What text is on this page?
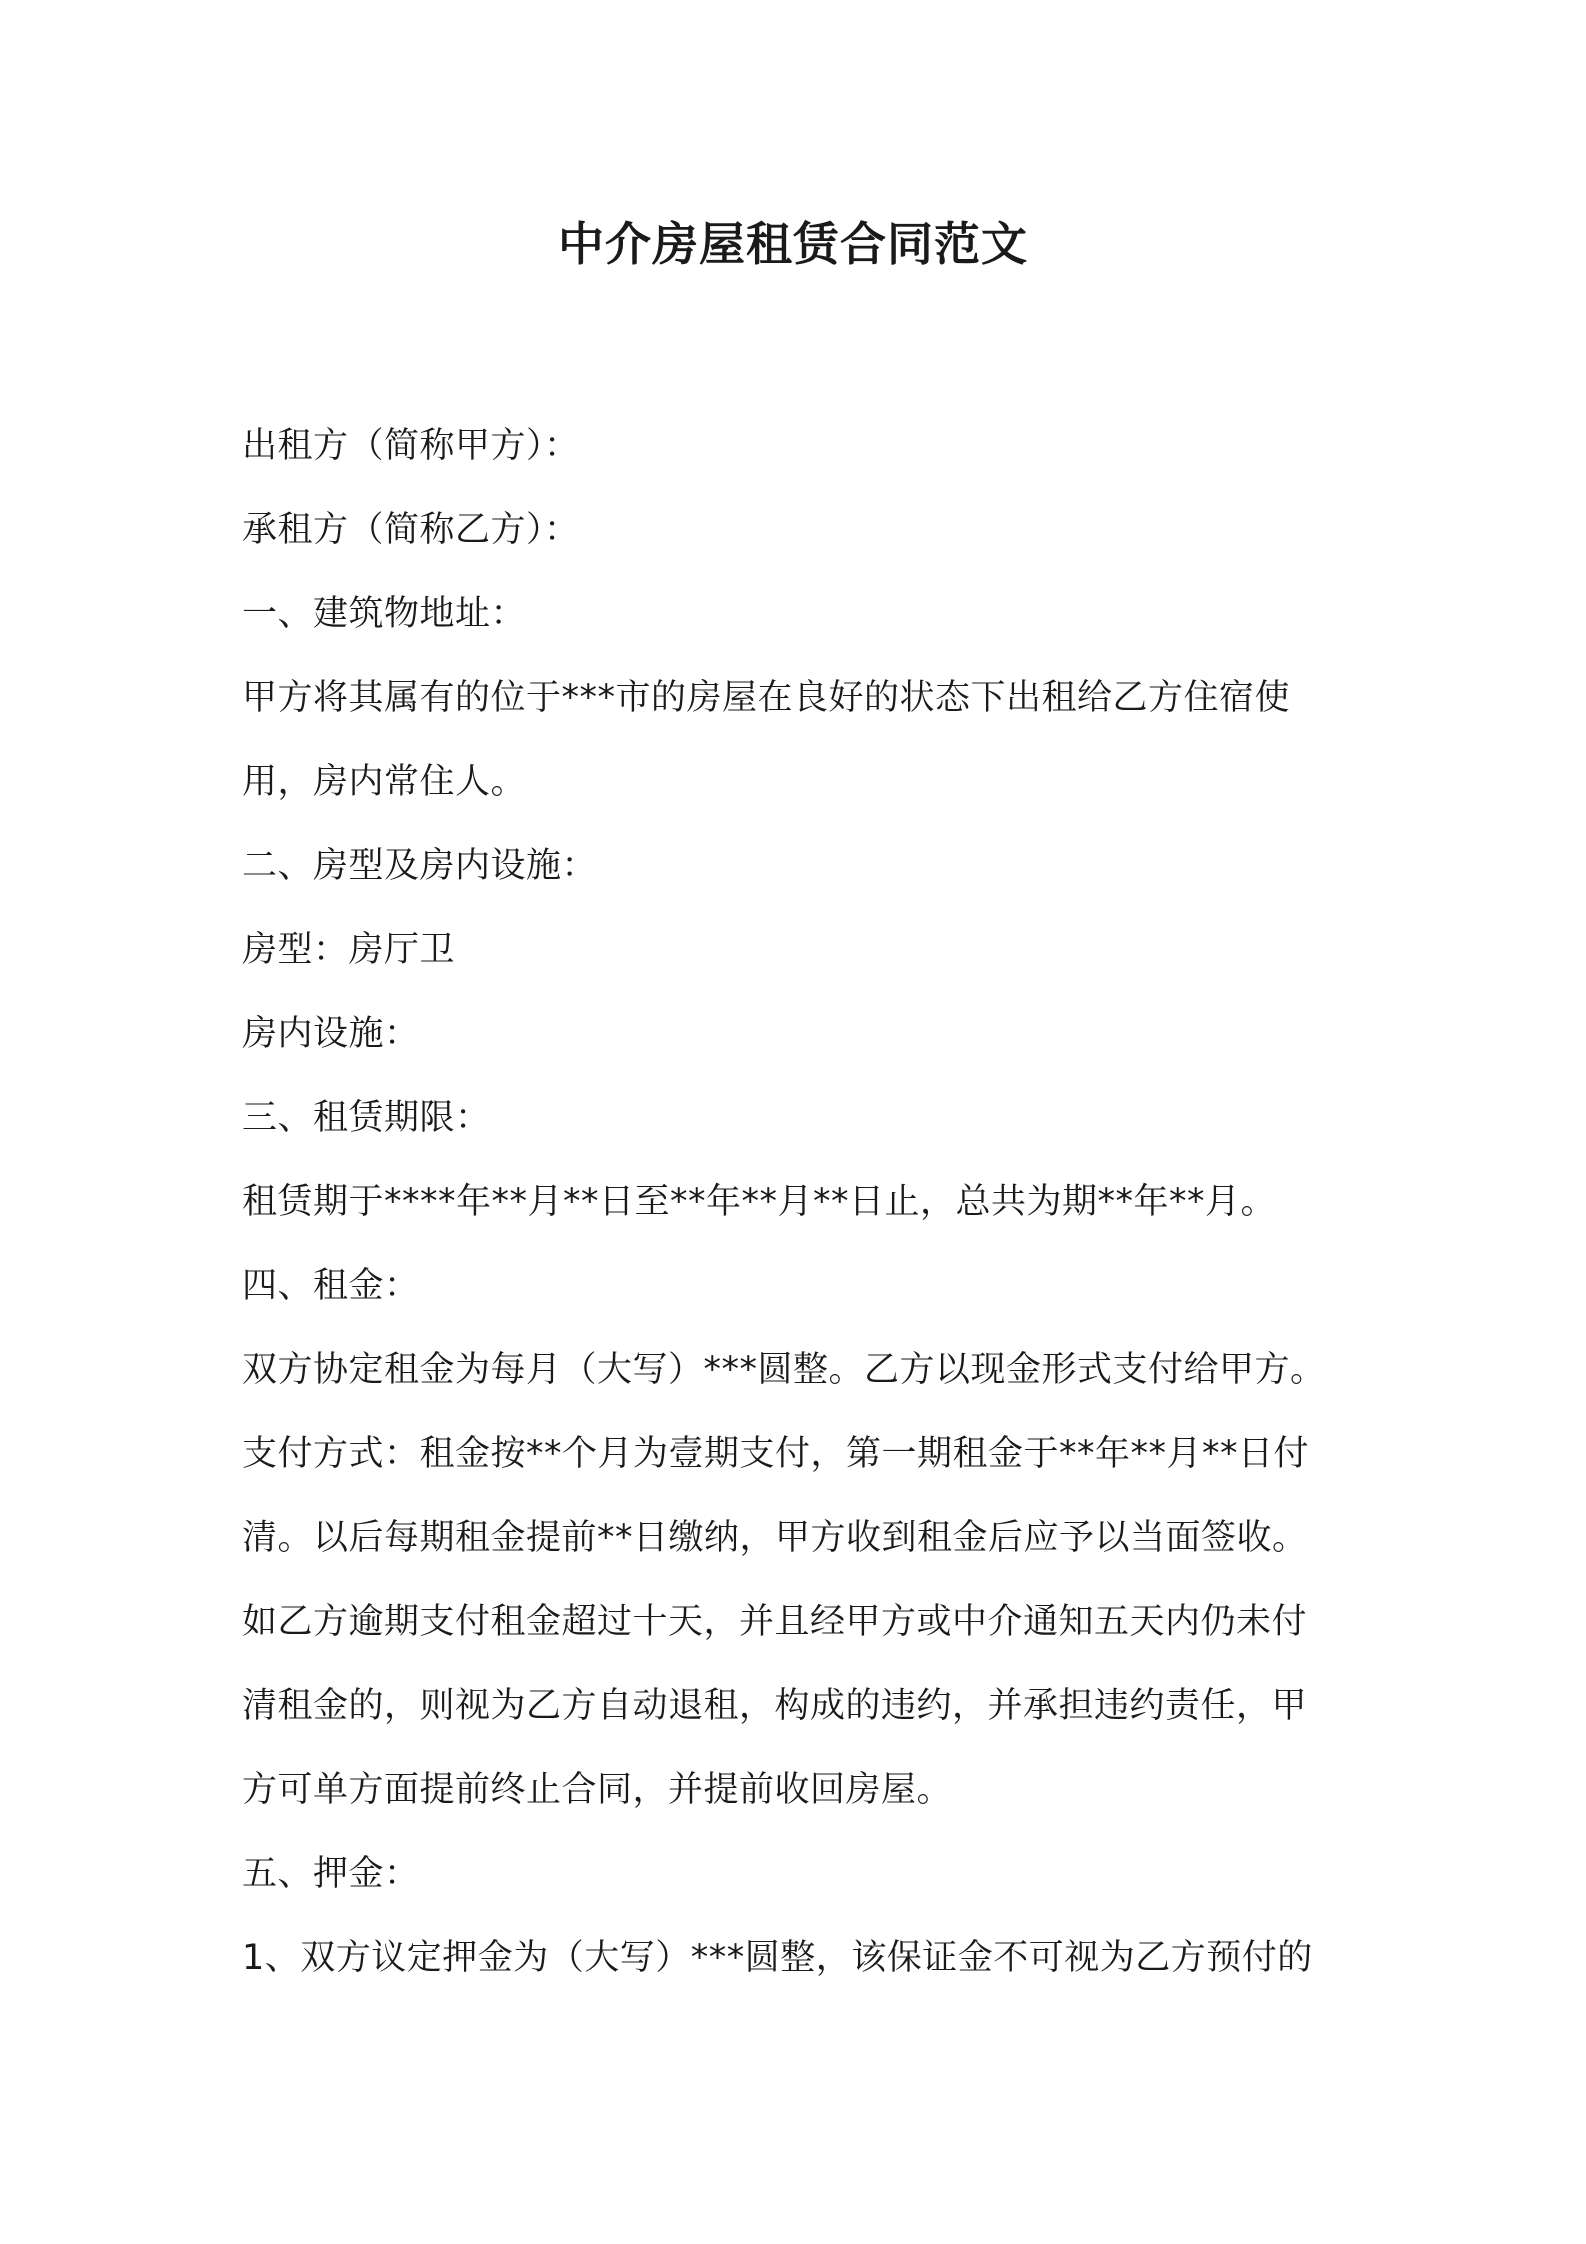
中介房屋租赁合同范文
出租方（简称甲方）：
承租方（简称乙方）：
一、建筑物地址：
甲方将其属有的位于***市的房屋在良好的状态下出租给乙方住宿使
用，房内常住人。
二、房型及房内设施：
房型：房厅卫
房内设施：
三、租赁期限：
租赁期于****年**月**日至**年**月**日止，总共为期**年**月。
四、租金：
双方协定租金为每月（大写）***圆整。乙方以现金形式支付给甲方。
支付方式：租金按**个月为壹期支付，第一期租金于**年**月**日付
清。以后每期租金提前**日缴纳，甲方收到租金后应予以当面签收。
如乙方逾期支付租金超过十天，并且经甲方或中介通知五天内仍未付
清租金的，则视为乙方自动退租，构成的违约，并承担违约责任，甲
方可单方面提前终止合同，并提前收回房屋。
五、押金：
1、双方议定押金为（大写）***圆整，该保证金不可视为乙方预付的
